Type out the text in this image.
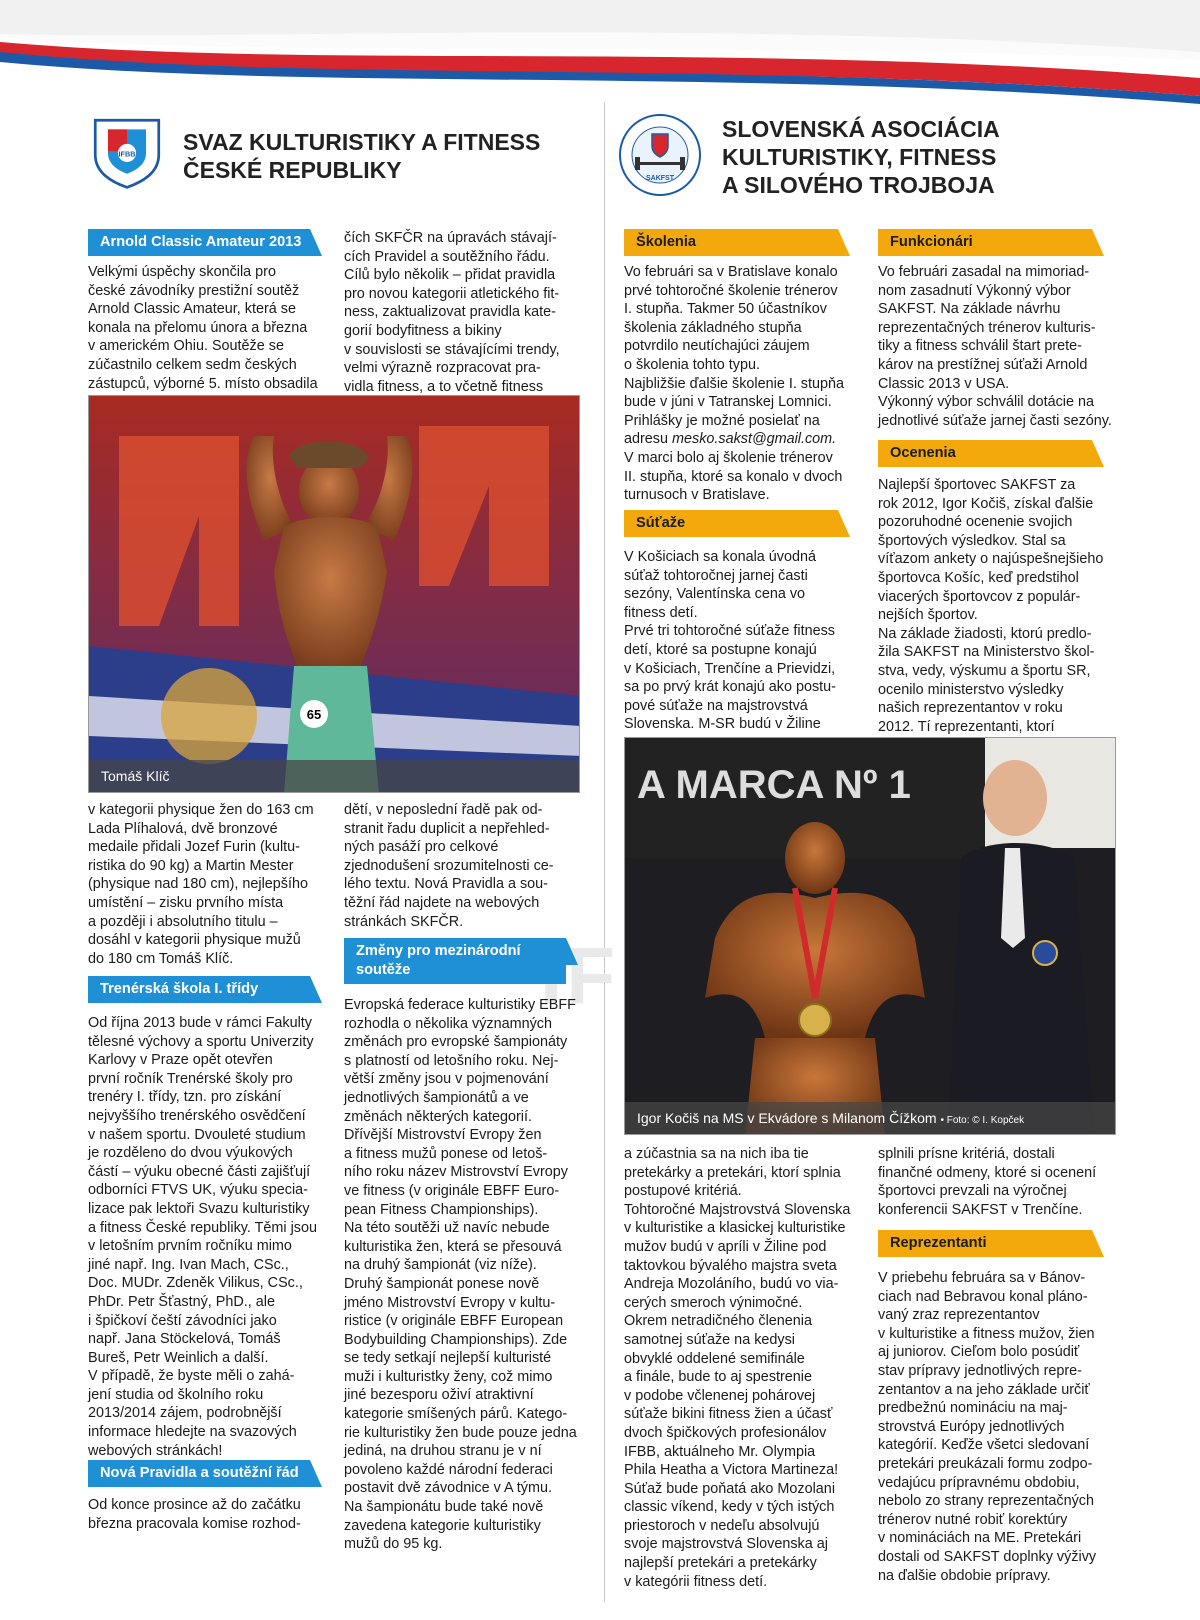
IFBB SVAZ KULTURISTIKY A FITNESS
ČESKÉ REPUBLIKY	SAKFST
SLOVENSKÁ ASOCIÁCIA
KULTURISTIKY, FITNESS
A SILOVÉHO TROJBOJA
Arnold Classic Amateur 2013

Velkými úspěchy skončila pro

české závodníky prestižní soutěž

Arnold Classic Amateur, která se

konala na přelomu února a března

v americkém Ohiu. Soutěže se

zúčastnilo celkem sedm českých

zástupců, výborné 5. místo obsadila

čích SKFČR na úpravách stávají-

cích Pravidel a soutěžního řádu.

Cílů bylo několik – přidat pravidla

pro novou kategorii atletického fit-

ness, zaktualizovat pravidla kate-

gorií bodyfitness a bikiny

v souvislosti se stávajícími trendy,

velmi výrazně rozpracovat pra-

vidla fitness, a to včetně fitness

65
Tomáš Klíč

v kategorii physique žen do 163 cm

Lada Plíhalová, dvě bronzové

medaile přidali Jozef Furin (kultu-

ristika do 90 kg) a Martin Mester

(physique nad 180 cm), nejlepšího

umístění – zisku prvního místa

a později i absolutního titulu –

dosáhl v kategorii physique mužů

do 180 cm Tomáš Klíč.

Trenérská škola I. třídy

Od října 2013 bude v rámci Fakulty

tělesné výchovy a sportu Univerzity

Karlovy v Praze opět otevřen

první ročník Trenérské školy pro

trenéry I. třídy, tzn. pro získání

nejvyššího trenérského osvědčení

v našem sportu. Dvouleté studium

je rozděleno do dvou výukových

částí – výuku obecné části zajišťují

odborníci FTVS UK, výuku specia-

lizace pak lektoři Svazu kulturistiky

a fitness České republiky. Těmi jsou

v letošním prvním ročníku mimo

jiné např. Ing. Ivan Mach, CSc.,

Doc. MUDr. Zdeněk Vilikus, CSc.,

PhDr. Petr Šťastný, PhD., ale

i špičkoví čeští závodníci jako

např. Jana Stöckelová, Tomáš

Bureš, Petr Weinlich a další.

V případě, že byste měli o zahá-

jení studia od školního roku

2013/2014 zájem, podrobnější

informace hledejte na svazových

webových stránkách!

Nová Pravidla a soutěžní řád

Od konce prosince až do začátku

března pracovala komise rozhod-

dětí, v neposlední řadě pak od-

stranit řadu duplicit a nepřehled-

ných pasáží pro celkové

zjednodušení srozumitelnosti ce-

lého textu. Nová Pravidla a sou-

těžní řád najdete na webových

stránkách SKFČR.

Změny pro mezinárodní
soutěže

Evropská federace kulturistiky EBFF

rozhodla o několika významných

změnách pro evropské šampionáty

s platností od letošního roku. Nej-

větší změny jsou v pojmenování

jednotlivých šampionátů a ve

změnách některých kategorií.

Dřívější Mistrovství Evropy žen

a fitness mužů ponese od letoš-

ního roku název Mistrovství Evropy

ve fitness (v originále EBFF Euro-

pean Fitness Championships).

Na této soutěži už navíc nebude

kulturistika žen, která se přesouvá

na druhý šampionát (viz níže).

Druhý šampionát ponese nově

jméno Mistrovství Evropy v kultu-

ristice (v originále EBFF European

Bodybuilding Championships). Zde

se tedy setkají nejlepší kulturisté

muži i kulturistky ženy, což mimo

jiné bezesporu oživí atraktivní

kategorie smíšených párů. Katego-

rie kulturistiky žen bude pouze jedna

jediná, na druhou stranu je v ní

povoleno každé národní federaci

postavit dvě závodnice v A týmu.

Na šampionátu bude také nově

zavedena kategorie kulturistiky

mužů do 95 kg.

Školenia

Vo februári sa v Bratislave konalo

prvé tohtoročné školenie trénerov

I. stupňa. Takmer 50 účastníkov

školenia základného stupňa

potvrdilo neutíchajúci záujem

o školenia tohto typu.

Najbližšie ďalšie školenie I. stupňa

bude v júni v Tatranskej Lomnici.

Prihlášky je možné posielať na

adresu mesko.sakst@gmail.com.

V marci bolo aj školenie trénerov

II. stupňa, ktoré sa konalo v dvoch

turnusoch v Bratislave.

Súťaže

V Košiciach sa konala úvodná

súťaž tohtoročnej jarnej časti

sezóny, Valentínska cena vo

fitness detí.

Prvé tri tohtoročné súťaže fitness

detí, ktoré sa postupne konajú

v Košiciach, Trenčíne a Prievidzi,

sa po prvý krát konajú ako postu-

pové súťaže na majstrovstvá

Slovenska. M-SR budú v Žiline

Funkcionári

Vo februári zasadal na mimoriad-

nom zasadnutí Výkonný výbor

SAKFST. Na základe návrhu

reprezentačných trénerov kulturis-

tiky a fitness schválil štart prete-

károv na prestížnej súťaži Arnold

Classic 2013 v USA.

Výkonný výbor schválil dotácie na

jednotlivé súťaže jarnej časti sezóny.

Ocenenia

Najlepší športovec SAKFST za

rok 2012, Igor Kočiš, získal ďalšie

pozoruhodné ocenenie svojich

športových výsledkov. Stal sa

víťazom ankety o najúspešnejšieho

športovca Košíc, keď predstihol

viacerých športovcov z populár-

nejších športov.

Na základe žiadosti, ktorú predlo-

žila SAKFST na Ministerstvo škol-

stva, vedy, výskumu a športu SR,

ocenilo ministerstvo výsledky

našich reprezentantov v roku

2012. Tí reprezentanti, ktorí

A MARCA Nº 1
Igor Kočiš na MS v Ekvádore s Milanom Čížkom • Foto: © I. Kopček

a zúčastnia sa na nich iba tie

pretekárky a pretekári, ktorí splnia

postupové kritériá.

Tohtoročné Majstrovstvá Slovenska

v kulturistike a klasickej kulturistike

mužov budú v apríli v Žiline pod

taktovkou bývalého majstra sveta

Andreja Mozoláního, budú vo via-

cerých smeroch výnimočné.

Okrem netradičného členenia

samotnej súťaže na kedysi

obvyklé oddelené semifinále

a finále, bude to aj spestrenie

v podobe včlenenej pohárovej

súťaže bikini fitness žien a účasť

dvoch špičkových profesionálov

IFBB, aktuálneho Mr. Olympia

Phila Heatha a Victora Martineza!

Súťaž bude poňatá ako Mozolani

classic víkend, kedy v tých istých

priestoroch v nedeľu absolvujú

svoje majstrovstvá Slovenska aj

najlepší pretekári a pretekárky

v kategórii fitness detí.

splnili prísne kritériá, dostali

finančné odmeny, ktoré si ocenení

športovci prevzali na výročnej

konferencii SAKFST v Trenčíne.

Reprezentanti

V priebehu februára sa v Bánov-

ciach nad Bebravou konal pláno-

vaný zraz reprezentantov

v kulturistike a fitness mužov, žien

aj juniorov. Cieľom bolo posúdiť

stav prípravy jednotlivých repre-

zentantov a na jeho základe určiť

predbežnú nomináciu na maj-

strovstvá Európy jednotlivých

kategórií. Keďže všetci sledovaní

pretekári preukázali formu zodpo-

vedajúcu prípravnému obdobiu,

nebolo zo strany reprezentačných

trénerov nutné robiť korektúry

v nomináciách na ME. Pretekári

dostali od SAKFST doplnky výživy

na ďalšie obdobie prípravy.
